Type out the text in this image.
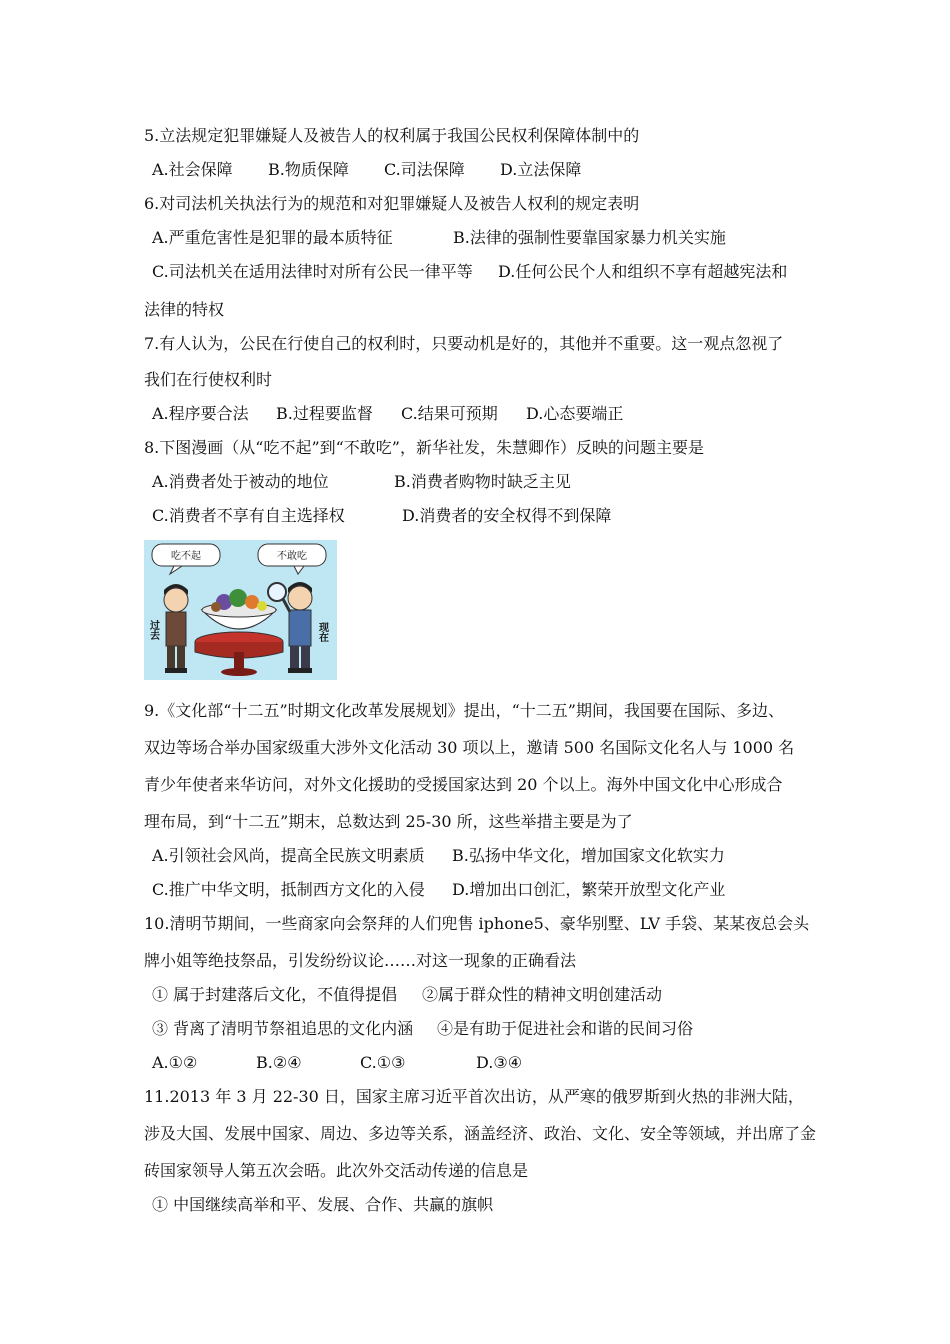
5.立法规定犯罪嫌疑人及被告人的权利属于我国公民权利保障体制中的
A.社会保障 B.物质保障 C.司法保障 D.立法保障
6.对司法机关执法行为的规范和对犯罪嫌疑人及被告人权利的规定表明
A.严重危害性是犯罪的最本质特征	B.法律的强制性要靠国家暴力机关实施
C.司法机关在适用法律时对所有公民一律平等 D.任何公民个人和组织不享有超越宪法和
法律的特权
7.有人认为，公民在行使自己的权利时，只要动机是好的，其他并不重要。这一观点忽视了
我们在行使权利时
A.程序要合法 B.过程要监督 C.结果可预期 D.心态要端正
8.下图漫画（从“吃不起”到“不敢吃”，新华社发，朱慧卿作）反映的问题主要是
A.消费者处于被动的地位	B.消费者购物时缺乏主见
C.消费者不享有自主选择权	D.消费者的安全权得不到保障
吃不起	不敢吃
过去	现在
9.《文化部“十二五”时期文化改革发展规划》提出，“十二五”期间，我国要在国际、多边、
双边等场合举办国家级重大涉外文化活动 30 项以上，邀请 500 名国际文化名人与 1000 名
青少年使者来华访问，对外文化援助的受援国家达到 20 个以上。海外中国文化中心形成合
理布局，到“十二五”期末，总数达到 25-30 所，这些举措主要是为了
A.引领社会风尚，提高全民族文明素质 B.弘扬中华文化，增加国家文化软实力
C.推广中华文明，抵制西方文化的入侵 D.增加出口创汇，繁荣开放型文化产业
10.清明节期间，一些商家向会祭拜的人们兜售 iphone5、豪华别墅、LV 手袋、某某夜总会头
牌小姐等绝技祭品，引发纷纷议论……对这一现象的正确看法
① 属于封建落后文化，不值得提倡 ②属于群众性的精神文明创建活动
③ 背离了清明节祭祖追思的文化内涵 ④是有助于促进社会和谐的民间习俗
A.①②	B.②④	C.①③	D.③④
11.2013 年 3 月 22-30 日，国家主席习近平首次出访，从严寒的俄罗斯到火热的非洲大陆，
涉及大国、发展中国家、周边、多边等关系，涵盖经济、政治、文化、安全等领域，并出席了金
砖国家领导人第五次会晤。此次外交活动传递的信息是
① 中国继续高举和平、发展、合作、共赢的旗帜
